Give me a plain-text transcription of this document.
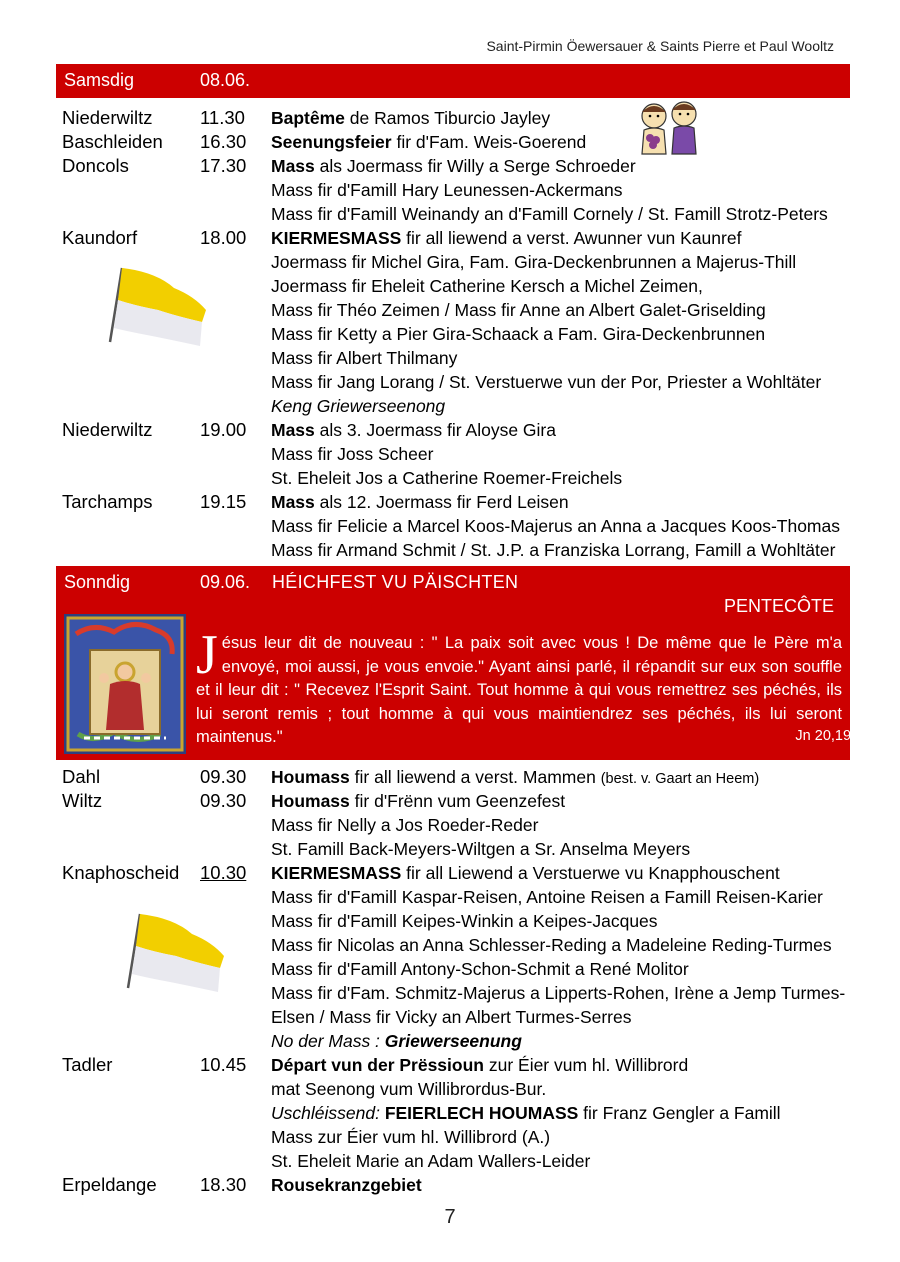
Saint-Pirmin Öewersauer & Saints Pierre et Paul Wooltz
Samsdig	08.06.
Niederwiltz	11.30	Baptême de Ramos Tiburcio Jayley
Baschleiden	16.30	Seenungsfeier fir d'Fam. Weis-Goerend
Doncols	17.30	Mass als Joermass fir Willy a Serge Schroeder
Mass fir d'Famill Hary Leunessen-Ackermans
Mass fir d'Famill Weinandy an d'Famill Cornely / St. Famill Strotz-Peters
Kaundorf	18.00	KIERMESMASS fir all liewend a verst. Awunner vun Kaunref
Joermass fir Michel Gira, Fam. Gira-Deckenbrunnen a Majerus-Thill
Joermass fir Eheleit Catherine Kersch a Michel Zeimen,
Mass fir Théo Zeimen / Mass fir Anne an Albert Galet-Griselding
Mass fir Ketty a Pier Gira-Schaack a Fam. Gira-Deckenbrunnen
Mass fir Albert Thilmany
Mass fir Jang Lorang / St. Verstuerwe vun der Por, Priester a Wohltäter
Keng Griewerseenong
Niederwiltz	19.00	Mass als 3. Joermass fir Aloyse Gira
Mass fir Joss Scheer
St. Eheleit Jos a Catherine Roemer-Freichels
Tarchamps	19.15	Mass als 12. Joermass fir Ferd Leisen
Mass fir Felicie a Marcel Koos-Majerus an Anna a Jacques Koos-Thomas
Mass fir Armand Schmit / St. J.P. a Franziska Lorrang, Famill a Wohltäter
Sonndig	09.06. HÉICHFEST VU PÄISCHTEN
PENTECÔTE
Jésus leur dit de nouveau : " La paix soit avec vous ! De même que le Père m'a envoyé, moi aussi, je vous envoie." Ayant ainsi parlé, il répandit sur eux son souffle et il leur dit : " Recevez l'Esprit Saint. Tout homme à qui vous remettrez ses péchés, ils lui seront remis ; tout homme à qui vous maintiendrez ses péchés, ils lui seront maintenus."	Jn 20,19-23
Dahl	09.30	Houmass fir all liewend a verst. Mammen (best. v. Gaart an Heem)
Wiltz	09.30	Houmass fir d'Frënn vum Geenzefest
Mass fir Nelly a Jos Roeder-Reder
St. Famill Back-Meyers-Wiltgen a Sr. Anselma Meyers
Knaphoscheid	10.30	KIERMESMASS fir all Liewend a Verstuerwe vu Knapphouschent
Mass fir d'Famill Kaspar-Reisen, Antoine Reisen a Famill Reisen-Karier
Mass fir d'Famill Keipes-Winkin a Keipes-Jacques
Mass fir Nicolas an Anna Schlesser-Reding a Madeleine Reding-Turmes
Mass fir d'Famill Antony-Schon-Schmit a René Molitor
Mass fir d'Fam. Schmitz-Majerus a Lipperts-Rohen, Irène a Jemp Turmes-
Elsen / Mass fir Vicky an Albert Turmes-Serres
No der Mass : Griewerseenung
Tadler	10.45	Départ vun der Prëssioun zur Éier vum hl. Willibrord
mat Seenong vum Willibrordus-Bur.
Uschléissend: FEIERLECH HOUMASS fir Franz Gengler a Famill
Mass zur Éier vum hl. Willibrord (A.)
St. Eheleit Marie an Adam Wallers-Leider
Erpeldange	18.30	Rousekranzgebiet
7
